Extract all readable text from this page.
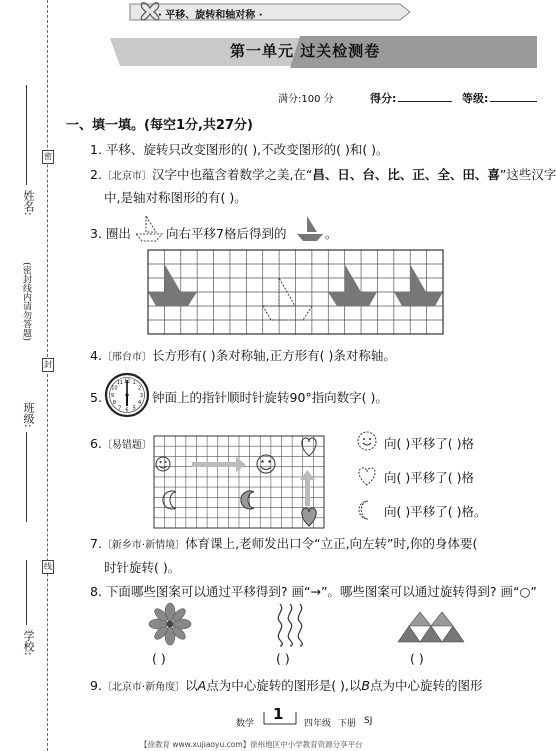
姓名:
(密封线内请勿答题)
班级:
学校:
密
封
线
· 平移、旋转和轴对称 ·
第一单元 过关检测卷
满分:100 分	得分:	等级:
一、填一填。(每空1分,共27分)
1. 平移、旋转只改变图形的( ),不改变图形的( )和( )。
2.〔北京市〕汉字中也蕴含着数学之美,在“昌、日、台、比、正、全、田、喜”这些汉字
中,是轴对称图形的有( )。
3. 圈出	向右平移7格后得到的	。
4.〔邢台市〕长方形有( )条对称轴,正方形有( )条对称轴。
5.
1
2
3
4
5
6
7
8
9
10
11 12
钟面上的指针顺时针旋转90°指向数字( )。
6.〔易错题〕	向( )平移了( )格
向( )平移了( )格
向( )平移了( )格。
7.〔新乡市·新情境〕体育课上,老师发出口令“立正,向左转”时,你的身体要(
时针旋转( )。
8. 下面哪些图案可以通过平移得到? 画“→”。哪些图案可以通过旋转得到? 画“○”
( )	( )	( )
9.〔北京市·新角度〕以A点为中心旋转的图形是( ),以B点为中心旋转的图形
数学
1
四年级 下册 SJ
【徐教育 www.xujiaoyu.com】徐州地区中小学教育资源分享平台
